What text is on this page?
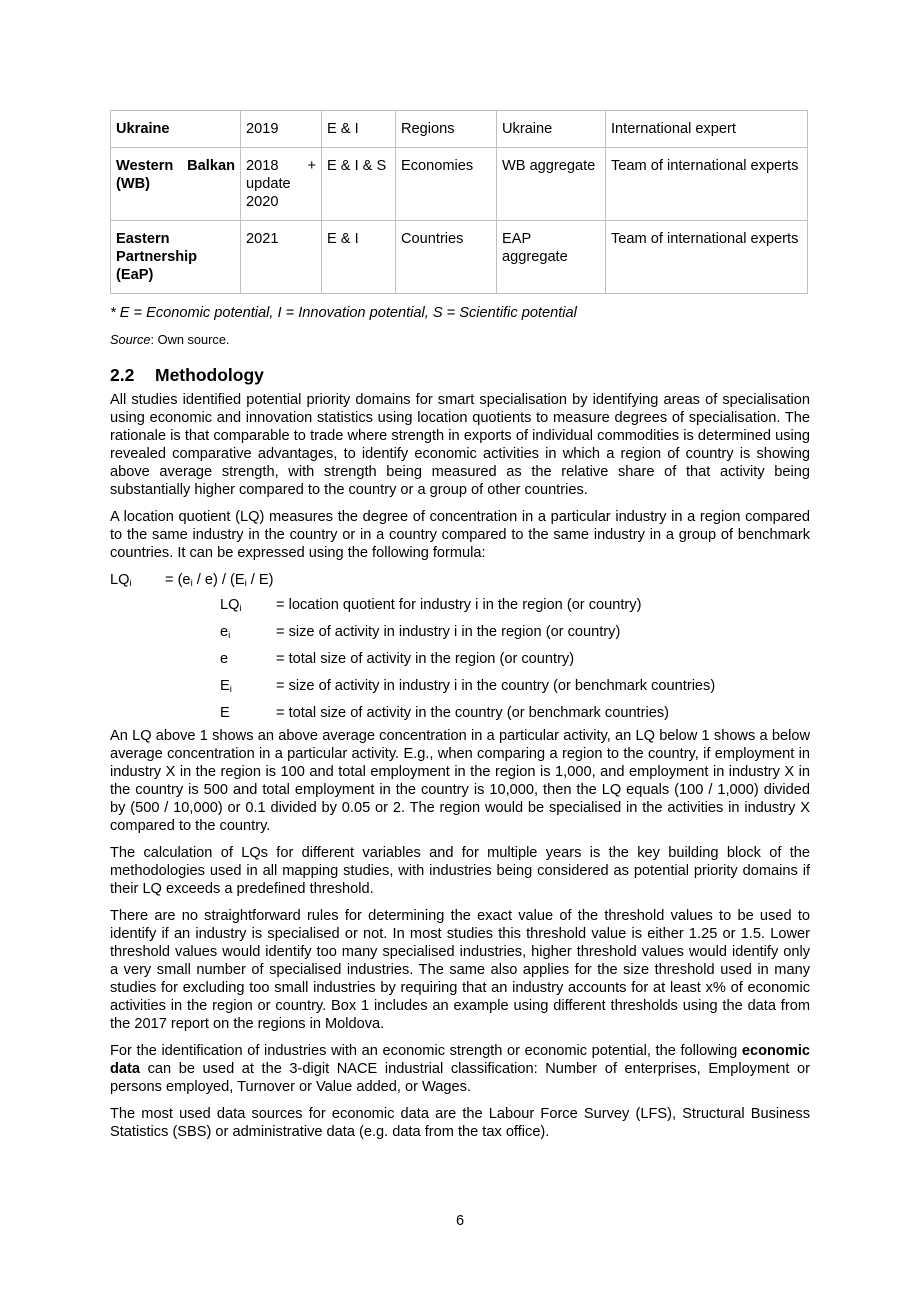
Ukraine	2019	E & I	Regions	Ukraine	International expert
Western Balkan (WB)	2018 + update 2020	E & I & S	Economies	WB aggregate	Team of international experts
Eastern Partnership (EaP)	2021	E & I	Countries	EAP aggregate	Team of international experts
* E = Economic potential, I = Innovation potential, S = Scientific potential
Source: Own source.
2.2 Methodology

All studies identified potential priority domains for smart specialisation by identifying areas of specialisation using economic and innovation statistics using location quotients to measure degrees of specialisation. The rationale is that comparable to trade where strength in exports of individual commodities is determined using revealed comparative advantages, to identify economic activities in which a region of country is showing above average strength, with strength being measured as the relative share of that activity being substantially higher compared to the country or a group of other countries.

A location quotient (LQ) measures the degree of concentration in a particular industry in a region compared to the same industry in the country or in a country compared to the same industry in a group of benchmark countries. It can be expressed using the following formula:

$LQ_i = (e_i / e) / (E_i / E)$
$LQ_i$ = location quotient for industry i in the region (or country)
$e_i$	= size of activity in industry i in the region (or country)
e	= total size of activity in the region (or country)
$E_i$	= size of activity in industry i in the country (or benchmark countries)
E	= total size of activity in the country (or benchmark countries)

An LQ above 1 shows an above average concentration in a particular activity, an LQ below 1 shows a below average concentration in a particular activity. E.g., when comparing a region to the country, if employment in industry X in the region is 100 and total employment in the region is 1,000, and employment in industry X in the country is 500 and total employment in the country is 10,000, then the LQ equals (100 / 1,000) divided by (500 / 10,000) or 0.1 divided by 0.05 or 2. The region would be specialised in the activities in industry X compared to the country.

The calculation of LQs for different variables and for multiple years is the key building block of the methodologies used in all mapping studies, with industries being considered as potential priority domains if their LQ exceeds a predefined threshold.

There are no straightforward rules for determining the exact value of the threshold values to be used to identify if an industry is specialised or not. In most studies this threshold value is either 1.25 or 1.5. Lower threshold values would identify too many specialised industries, higher threshold values would identify only a very small number of specialised industries. The same also applies for the size threshold used in many studies for excluding too small industries by requiring that an industry accounts for at least x% of economic activities in the region or country. Box 1 includes an example using different thresholds using the data from the 2017 report on the regions in Moldova.

For the identification of industries with an economic strength or economic potential, the following economic data can be used at the 3-digit NACE industrial classification: Number of enterprises, Employment or persons employed, Turnover or Value added, or Wages.

The most used data sources for economic data are the Labour Force Survey (LFS), Structural Business Statistics (SBS) or administrative data (e.g. data from the tax office).

6
